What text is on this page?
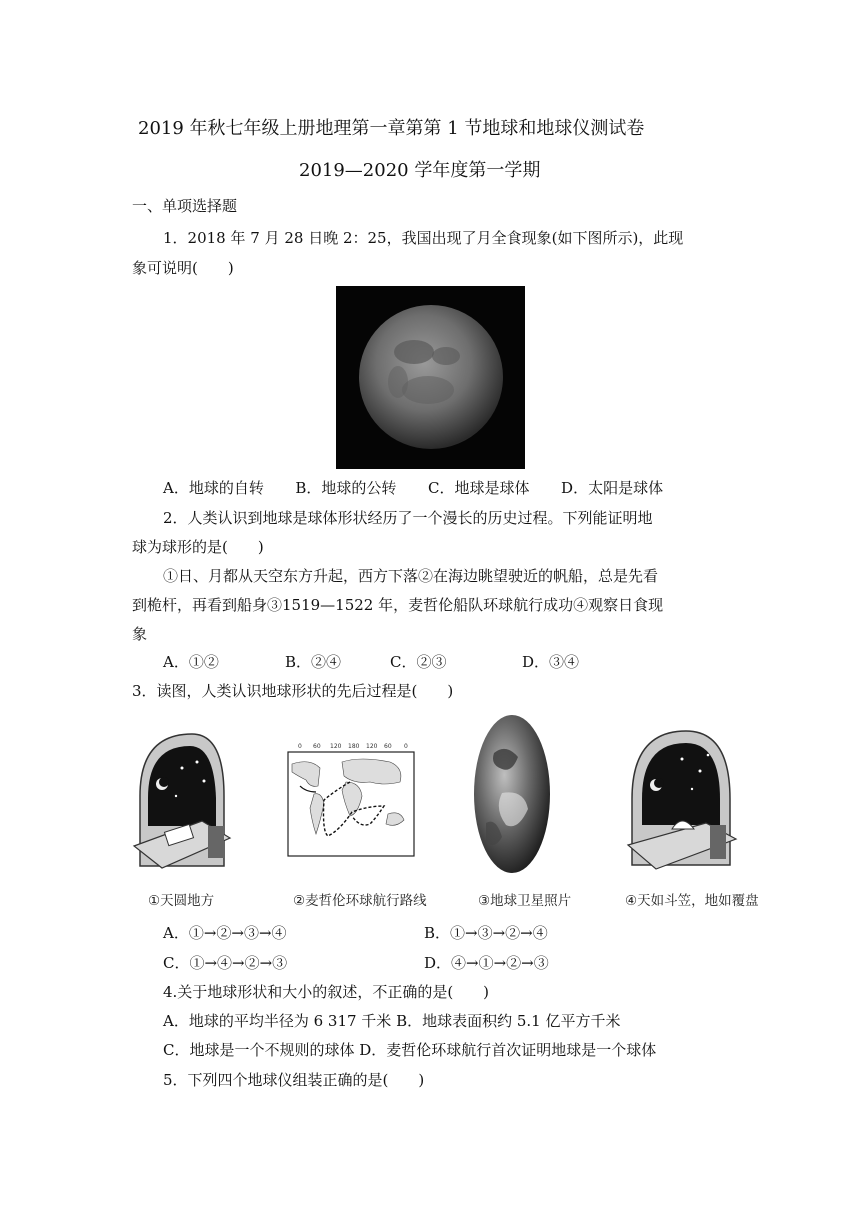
2019 年秋七年级上册地理第一章第第 1 节地球和地球仪测试卷
2019—2020 学年度第一学期
一、单项选择题
1．2018 年 7 月 28 日晚 2：25，我国出现了月全食现象(如下图所示)，此现
象可说明(　　)
A．地球的自转 B．地球的公转 C．地球是球体 D．太阳是球体
2．人类认识到地球是球体形状经历了一个漫长的历史过程。下列能证明地
球为球形的是(　　)
①日、月都从天空东方升起，西方下落②在海边眺望驶近的帆船，总是先看
到桅杆，再看到船身③1519—1522 年，麦哲伦船队环球航行成功④观察日食现
象
A．①②	B．②④	C．②③	D．③④
3．读图，人类认识地球形状的先后过程是(　　)
0 60 120 180 120 60 0
①天圆地方	②麦哲伦环球航行路线	③地球卫星照片	④天如斗笠，地如覆盘
A．①→②→③→④	B．①→③→②→④
C．①→④→②→③	D．④→①→②→③
4.关于地球形状和大小的叙述，不正确的是(　　)
A．地球的平均半径为 6 317 千米 B．地球表面积约 5.1 亿平方千米
C．地球是一个不规则的球体 D．麦哲伦环球航行首次证明地球是一个球体
5．下列四个地球仪组装正确的是(　　)
